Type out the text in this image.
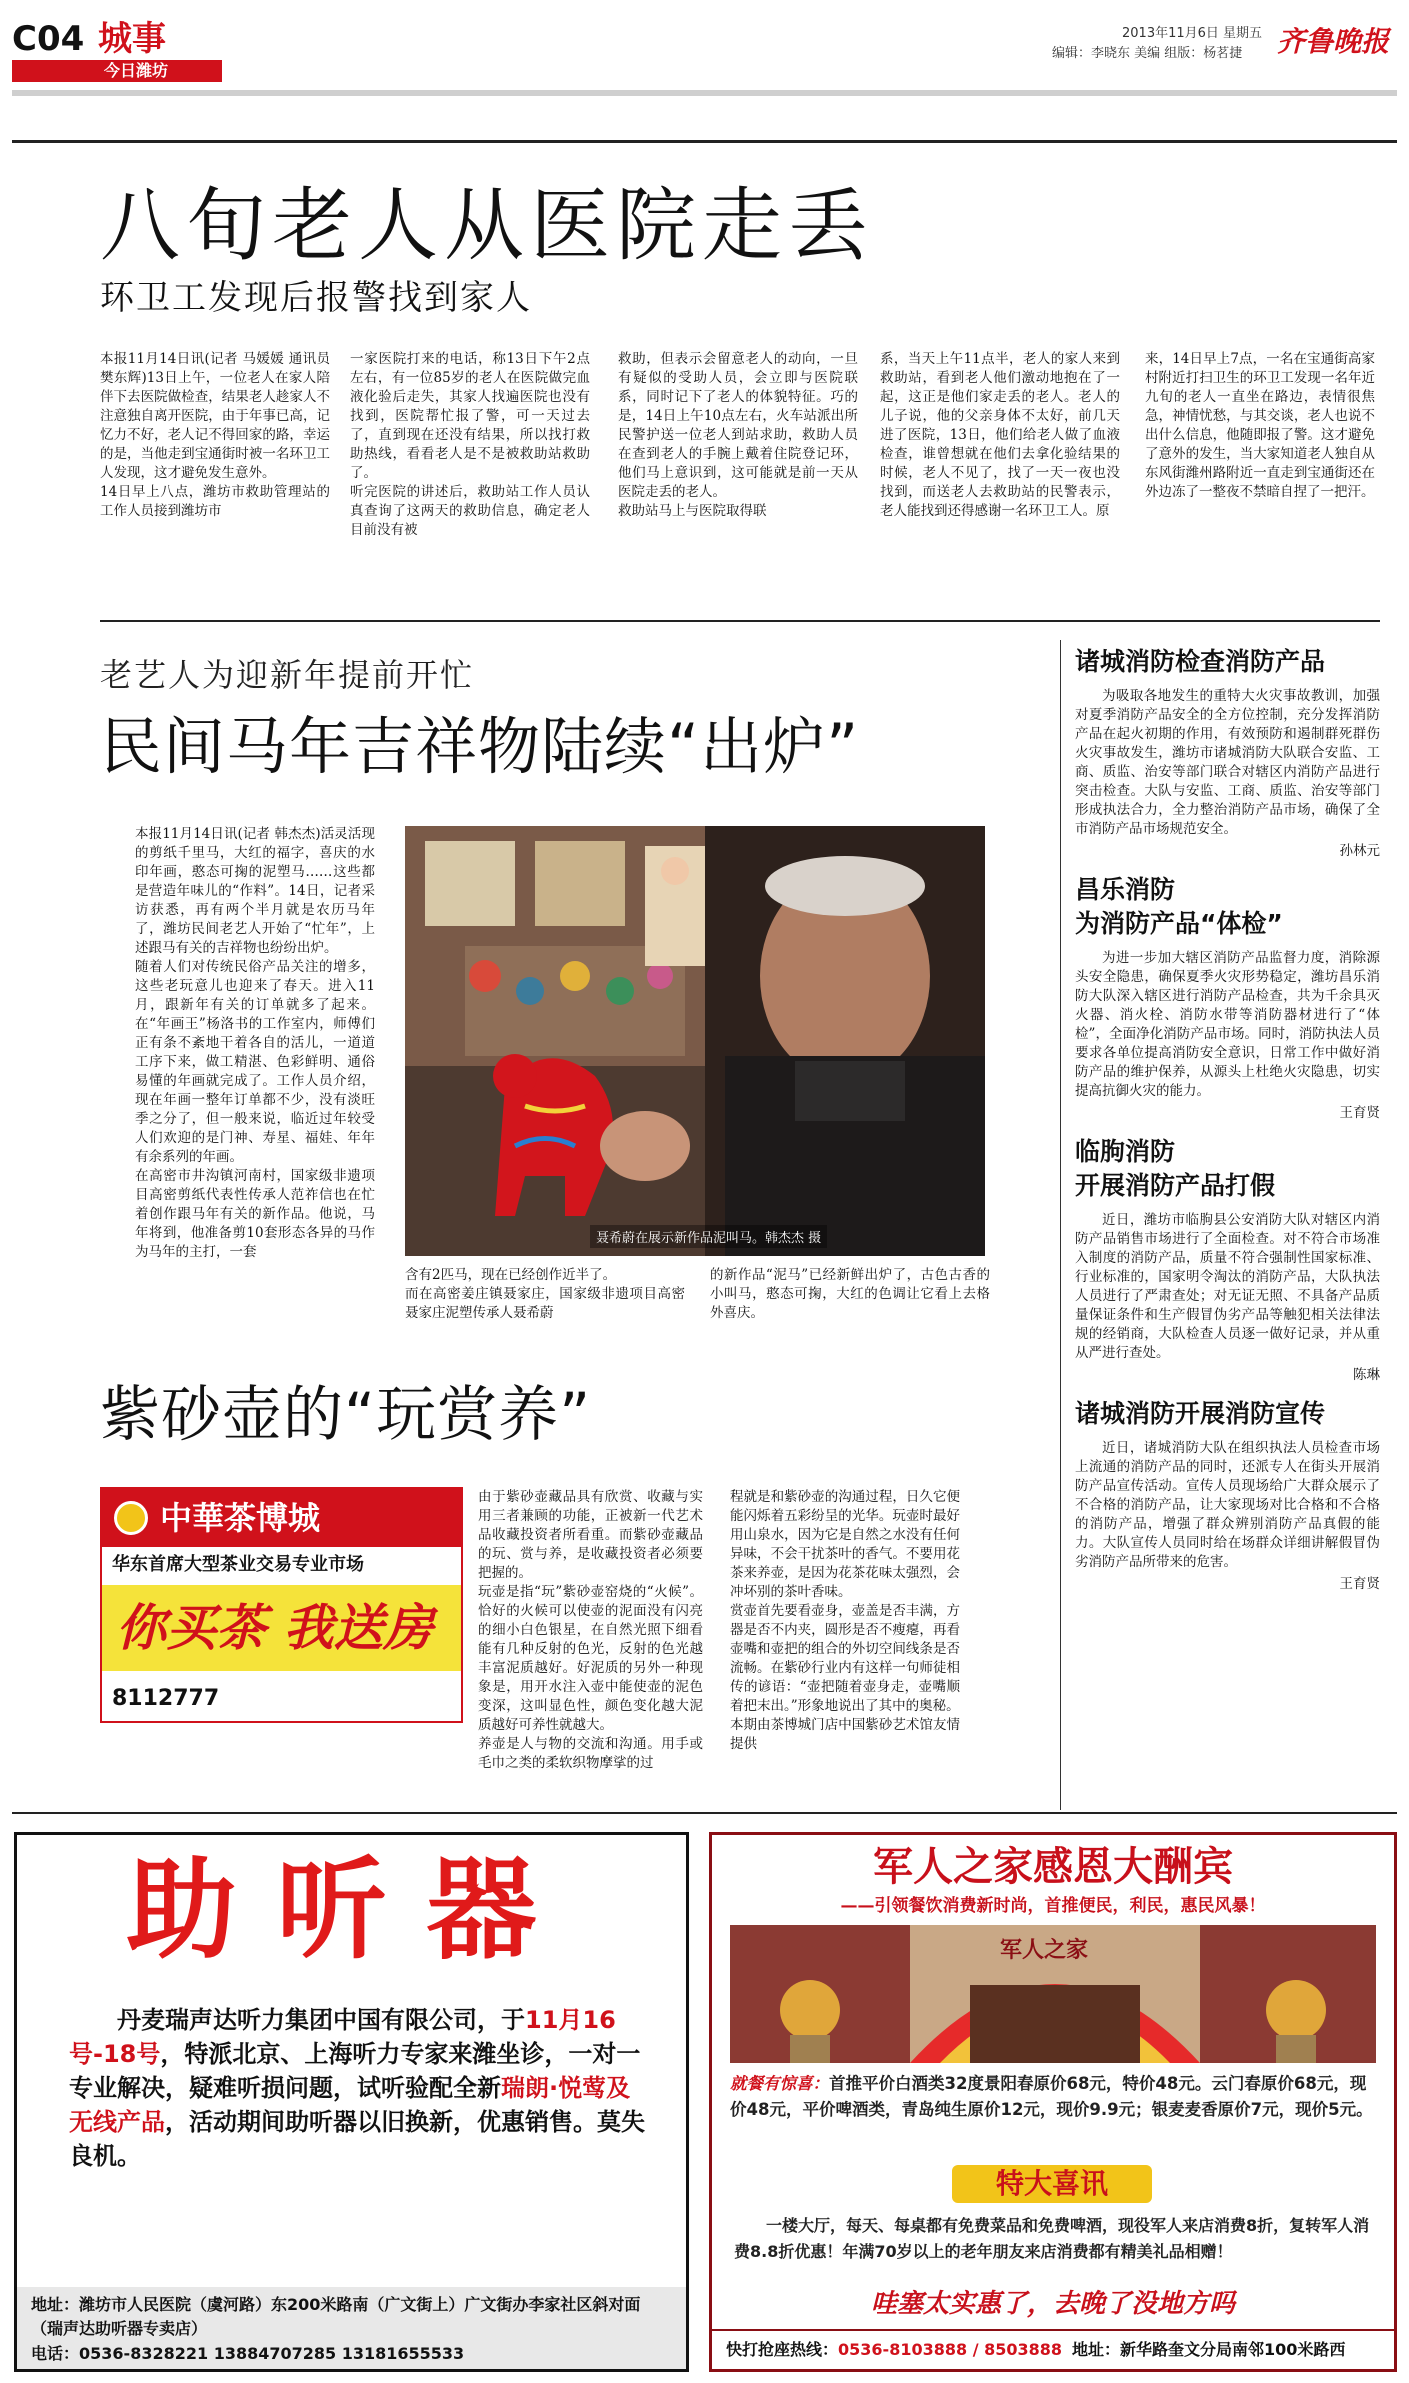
C04 城事
今日潍坊
2013年11月6日 星期五
编辑：李晓东 美编 组版：杨茗捷 齐鲁晚报
八旬老人从医院走丢
环卫工发现后报警找到家人
本报11月14日讯(记者 马媛媛 通讯员 樊东辉)13日上午，一位老人在家人陪伴下去医院做检查，结果老人趁家人不注意独自离开医院，由于年事已高，记忆力不好，老人记不得回家的路，幸运的是，当他走到宝通街时被一名环卫工人发现，这才避免发生意外。
14日早上八点，潍坊市救助管理站的工作人员接到潍坊市
一家医院打来的电话，称13日下午2点左右，有一位85岁的老人在医院做完血液化验后走失，其家人找遍医院也没有找到，医院帮忙报了警，可一天过去了，直到现在还没有结果，所以找打救助热线，看看老人是不是被救助站救助了。
听完医院的讲述后，救助站工作人员认真查询了这两天的救助信息，确定老人目前没有被
救助，但表示会留意老人的动向，一旦有疑似的受助人员，会立即与医院联系，同时记下了老人的体貌特征。巧的是，14日上午10点左右，火车站派出所民警护送一位老人到站求助，救助人员在查到老人的手腕上戴着住院登记环，他们马上意识到，这可能就是前一天从医院走丢的老人。
救助站马上与医院取得联
系，当天上午11点半，老人的家人来到救助站，看到老人他们激动地抱在了一起，这正是他们家走丢的老人。老人的儿子说，他的父亲身体不太好，前几天进了医院，13日，他们给老人做了血液检查，谁曾想就在他们去拿化验结果的时候，老人不见了，找了一天一夜也没找到，而送老人去救助站的民警表示，老人能找到还得感谢一名环卫工人。原
来，14日早上7点，一名在宝通街高家村附近打扫卫生的环卫工发现一名年近九旬的老人一直坐在路边，表情很焦急，神情忧愁，与其交谈，老人也说不出什么信息，他随即报了警。这才避免了意外的发生，当大家知道老人独自从东风街潍州路附近一直走到宝通街还在外边冻了一整夜不禁暗自捏了一把汗。
老艺人为迎新年提前开忙
民间马年吉祥物陆续“出炉”
本报11月14日讯(记者 韩杰杰)活灵活现的剪纸千里马，大红的福字，喜庆的水印年画，憨态可掬的泥塑马……这些都是营造年味儿的“作料”。14日，记者采访获悉，再有两个半月就是农历马年了，潍坊民间老艺人开始了“忙年”，上述跟马有关的吉祥物也纷纷出炉。
随着人们对传统民俗产品关注的增多，这些老玩意儿也迎来了春天。进入11月，跟新年有关的订单就多了起来。在“年画王”杨洛书的工作室内，师傅们正有条不紊地干着各自的活儿，一道道工序下来，做工精湛、色彩鲜明、通俗易懂的年画就完成了。工作人员介绍，现在年画一整年订单都不少，没有淡旺季之分了，但一般来说，临近过年较受人们欢迎的是门神、寿星、福娃、年年有余系列的年画。
在高密市井沟镇河南村，国家级非遗项目高密剪纸代表性传承人范祚信也在忙着创作跟马年有关的新作品。他说，马年将到，他准备剪10套形态各异的马作为马年的主打，一套
聂希蔚在展示新作品泥叫马。韩杰杰 摄
含有2匹马，现在已经创作近半了。
而在高密姜庄镇聂家庄，国家级非遗项目高密聂家庄泥塑传承人聂希蔚
的新作品“泥马”已经新鲜出炉了，古色古香的小叫马，憨态可掬，大红的色调让它看上去格外喜庆。
紫砂壶的“玩赏养”
中華茶博城
华东首席大型茶业交易专业市场
你买茶 我送房
8112777
由于紫砂壶藏品具有欣赏、收藏与实用三者兼顾的功能，正被新一代艺术品收藏投资者所看重。而紫砂壶藏品的玩、赏与养，是收藏投资者必须要把握的。
玩壶是指“玩”紫砂壶窑烧的“火候”。恰好的火候可以使壶的泥面没有闪亮的细小白色银星，在自然光照下细看能有几种反射的色光，反射的色光越丰富泥质越好。好泥质的另外一种现象是，用开水注入壶中能使壶的泥色变深，这叫显色性，颜色变化越大泥质越好可养性就越大。
养壶是人与物的交流和沟通。用手或毛巾之类的柔软织物摩挲的过
程就是和紫砂壶的沟通过程，日久它便能闪烁着五彩纷呈的光华。玩壶时最好用山泉水，因为它是自然之水没有任何异味，不会干扰茶叶的香气。不要用花茶来养壶，是因为花茶花味太强烈，会冲坏别的茶叶香味。
赏壶首先要看壶身，壶盖是否丰满，方器是否不内夹，圆形是否不瘦瘪，再看壶嘴和壶把的组合的外切空间线条是否流畅。在紫砂行业内有这样一句师徒相传的谚语：“壶把随着壶身走，壶嘴顺着把末出。”形象地说出了其中的奥秘。
本期由茶博城门店中国紫砂艺术馆友情提供
诸城消防检查消防产品
为吸取各地发生的重特大火灾事故教训，加强对夏季消防产品安全的全方位控制，充分发挥消防产品在起火初期的作用，有效预防和遏制群死群伤火灾事故发生，潍坊市诸城消防大队联合安监、工商、质监、治安等部门联合对辖区内消防产品进行突击检查。大队与安监、工商、质监、治安等部门形成执法合力，全力整治消防产品市场，确保了全市消防产品市场规范安全。
孙林元
昌乐消防
为消防产品“体检”
为进一步加大辖区消防产品监督力度，消除源头安全隐患，确保夏季火灾形势稳定，潍坊昌乐消防大队深入辖区进行消防产品检查，共为千余具灭火器、消火栓、消防水带等消防器材进行了“体检”，全面净化消防产品市场。同时，消防执法人员要求各单位提高消防安全意识，日常工作中做好消防产品的维护保养，从源头上杜绝火灾隐患，切实提高抗御火灾的能力。
王育贤
临朐消防
开展消防产品打假
近日，潍坊市临朐县公安消防大队对辖区内消防产品销售市场进行了全面检查。对不符合市场准入制度的消防产品，质量不符合强制性国家标准、行业标准的，国家明令淘汰的消防产品，大队执法人员进行了严肃查处；对无证无照、不具备产品质量保证条件和生产假冒伪劣产品等触犯相关法律法规的经销商，大队检查人员逐一做好记录，并从重从严进行查处。
陈琳
诸城消防开展消防宣传
近日，诸城消防大队在组织执法人员检查市场上流通的消防产品的同时，还派专人在街头开展消防产品宣传活动。宣传人员现场给广大群众展示了不合格的消防产品，让大家现场对比合格和不合格的消防产品，增强了群众辨别消防产品真假的能力。大队宣传人员同时给在场群众详细讲解假冒伪劣消防产品所带来的危害。
王育贤
助听器
丹麦瑞声达听力集团中国有限公司，于11月16号-18号，特派北京、上海听力专家来潍坐诊，一对一专业解决，疑难听损问题，试听验配全新瑞朗·悦莺及无线产品，活动期间助听器以旧换新，优惠销售。莫失良机。
地址：潍坊市人民医院（虞河路）东200米路南（广文街上）广文街办李家社区斜对面（瑞声达助听器专卖店）
电话：0536-8328221 13884707285 13181655533
军人之家感恩大酬宾
——引领餐饮消费新时尚，首推便民，利民，惠民风暴！
军人之家
就餐有惊喜：首推平价白酒类32度景阳春原价68元，特价48元。云门春原价68元，现价48元，平价啤酒类，青岛纯生原价12元，现价9.9元；银麦麦香原价7元，现价5元。
特大喜讯
一楼大厅，每天、每桌都有免费菜品和免费啤酒，现役军人来店消费8折，复转军人消费8.8折优惠！年满70岁以上的老年朋友来店消费都有精美礼品相赠！
哇塞太实惠了，去晚了没地方吗
快打抢座热线：0536-8103888 / 8503888 地址：新华路奎文分局南邻100米路西
